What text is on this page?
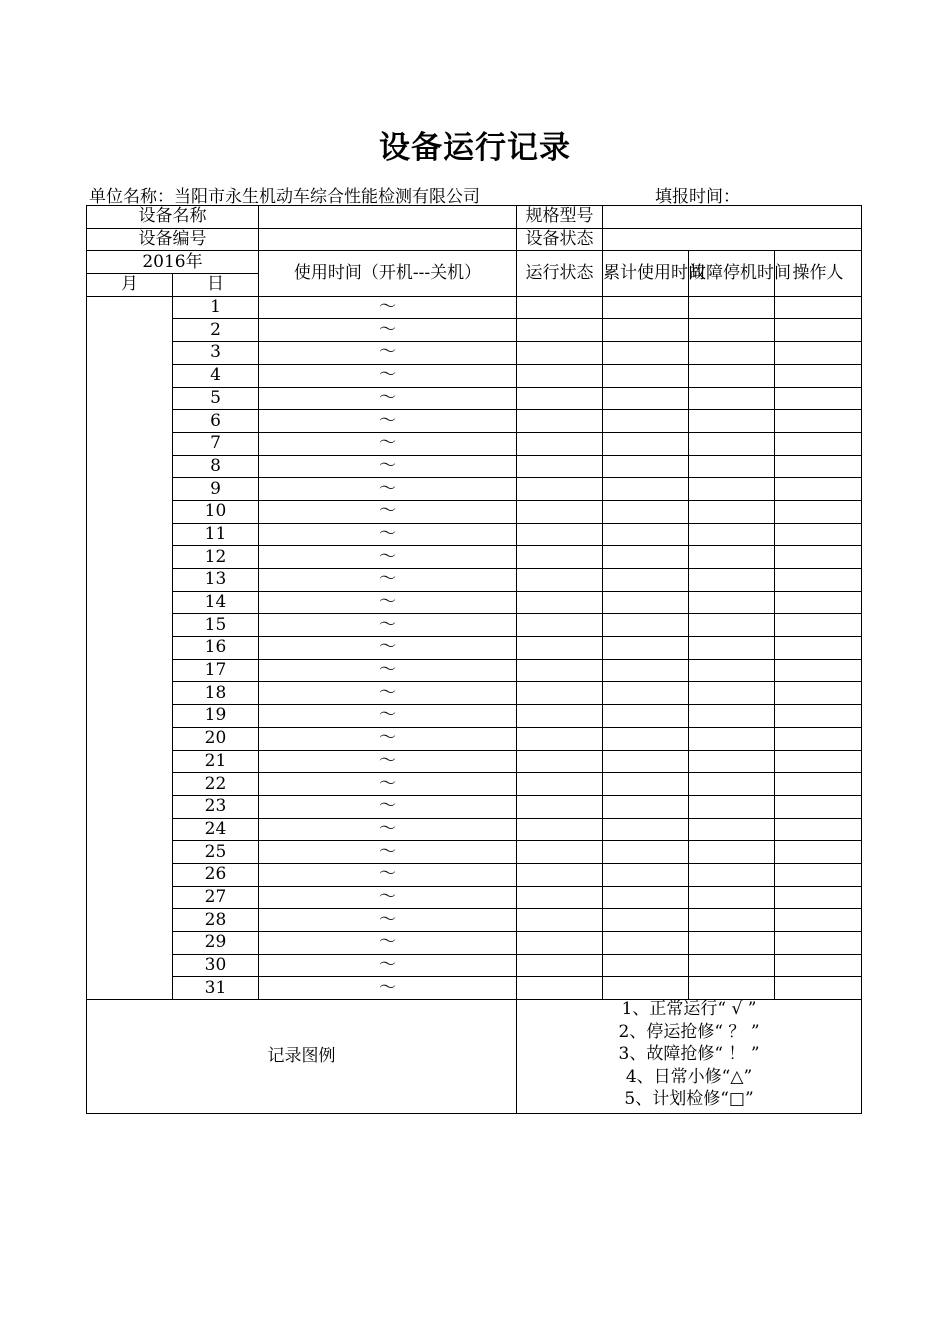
设备运行记录
单位名称：当阳市永生机动车综合性能检测有限公司	填报时间：
设备名称			规格型号			
设备编号			设备状态			
2016年		使用时间（开机---关机）	运行状态	累计使用时间	故障停机时间	操作人
月	日					
	1	～				
	2	～				
	3	～				
	4	～				
	5	～				
	6	～				
	7	～				
	8	～				
	9	～				
	10	～				
	11	～				
	12	～				
	13	～				
	14	～				
	15	～				
	16	～				
	17	～				
	18	～				
	19	～				
	20	～				
	21	～				
	22	～				
	23	～				
	24	～				
	25	～				
	26	～				
	27	～				
	28	～				
	29	～				
	30	～				
	31	～				
记录图例			1、正常运行“ √ ”
2、停运抢修“ ？ ”
3、故障抢修“ ！ ”
4、日常小修“△”
5、计划检修“□”			
